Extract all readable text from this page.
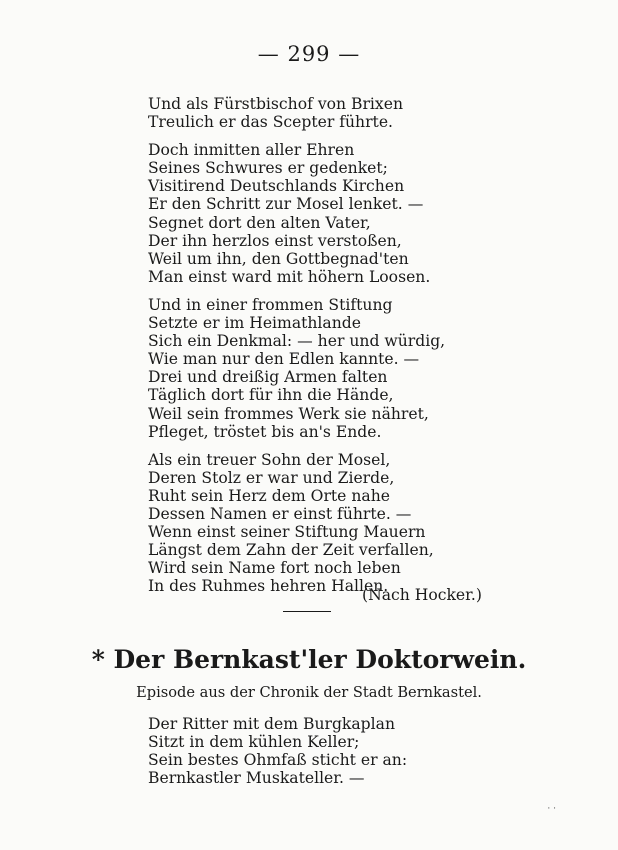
— 299 —
Und als Fürstbischof von Brixen
Treulich er das Scepter führte.
Doch inmitten aller Ehren
Seines Schwures er gedenket;
Visitirend Deutschlands Kirchen
Er den Schritt zur Mosel lenket. —
Segnet dort den alten Vater,
Der ihn herzlos einst verstoßen,
Weil um ihn, den Gottbegnad'ten
Man einst ward mit höhern Loosen.
Und in einer frommen Stiftung
Setzte er im Heimathlande
Sich ein Denkmal: — her und würdig,
Wie man nur den Edlen kannte. —
Drei und dreißig Armen falten
Täglich dort für ihn die Hände,
Weil sein frommes Werk sie nähret,
Pfleget, tröstet bis an's Ende.
Als ein treuer Sohn der Mosel,
Deren Stolz er war und Zierde,
Ruht sein Herz dem Orte nahe
Dessen Namen er einst führte. —
Wenn einst seiner Stiftung Mauern
Längst dem Zahn der Zeit verfallen,
Wird sein Name fort noch leben
In des Ruhmes hehren Hallen.
(Nach Hocker.)
* Der Bernkast'ler Doktorwein.
Episode aus der Chronik der Stadt Bernkastel.
Der Ritter mit dem Burgkaplan
Sitzt in dem kühlen Keller;
Sein bestes Ohmfaß sticht er an:
Bernkastler Muskateller. —
· ·
